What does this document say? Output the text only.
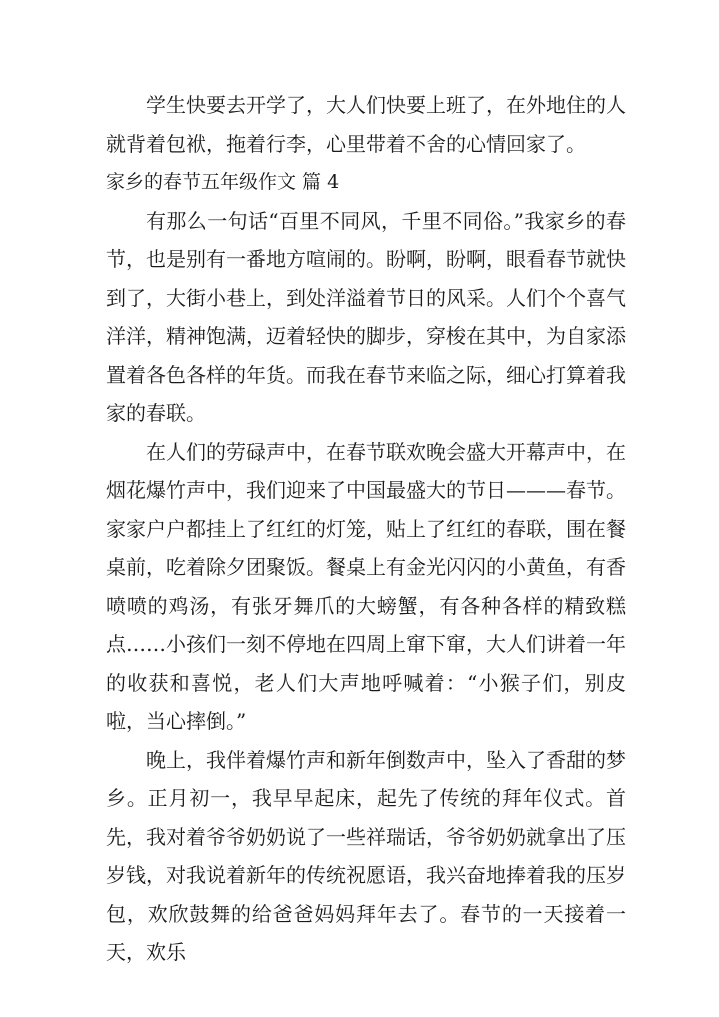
学生快要去开学了，大人们快要上班了，在外地住的人就背着包袱，拖着行李，心里带着不舍的心情回家了。

家乡的春节五年级作文 篇 4

有那么一句话“百里不同风，千里不同俗。”我家乡的春节，也是别有一番地方喧闹的。盼啊，盼啊，眼看春节就快到了，大街小巷上，到处洋溢着节日的风采。人们个个喜气洋洋，精神饱满，迈着轻快的脚步，穿梭在其中，为自家添置着各色各样的年货。而我在春节来临之际，细心打算着我家的春联。

在人们的劳碌声中，在春节联欢晚会盛大开幕声中，在烟花爆竹声中，我们迎来了中国最盛大的节日———春节。家家户户都挂上了红红的灯笼，贴上了红红的春联，围在餐桌前，吃着除夕团聚饭。餐桌上有金光闪闪的小黄鱼，有香喷喷的鸡汤，有张牙舞爪的大螃蟹，有各种各样的精致糕点……小孩们一刻不停地在四周上窜下窜，大人们讲着一年的收获和喜悦，老人们大声地呼喊着：“小猴子们，别皮啦，当心摔倒。”

晚上，我伴着爆竹声和新年倒数声中，坠入了香甜的梦乡。正月初一，我早早起床，起先了传统的拜年仪式。首先，我对着爷爷奶奶说了一些祥瑞话，爷爷奶奶就拿出了压岁钱，对我说着新年的传统祝愿语，我兴奋地捧着我的压岁包，欢欣鼓舞的给爸爸妈妈拜年去了。春节的一天接着一天，欢乐
